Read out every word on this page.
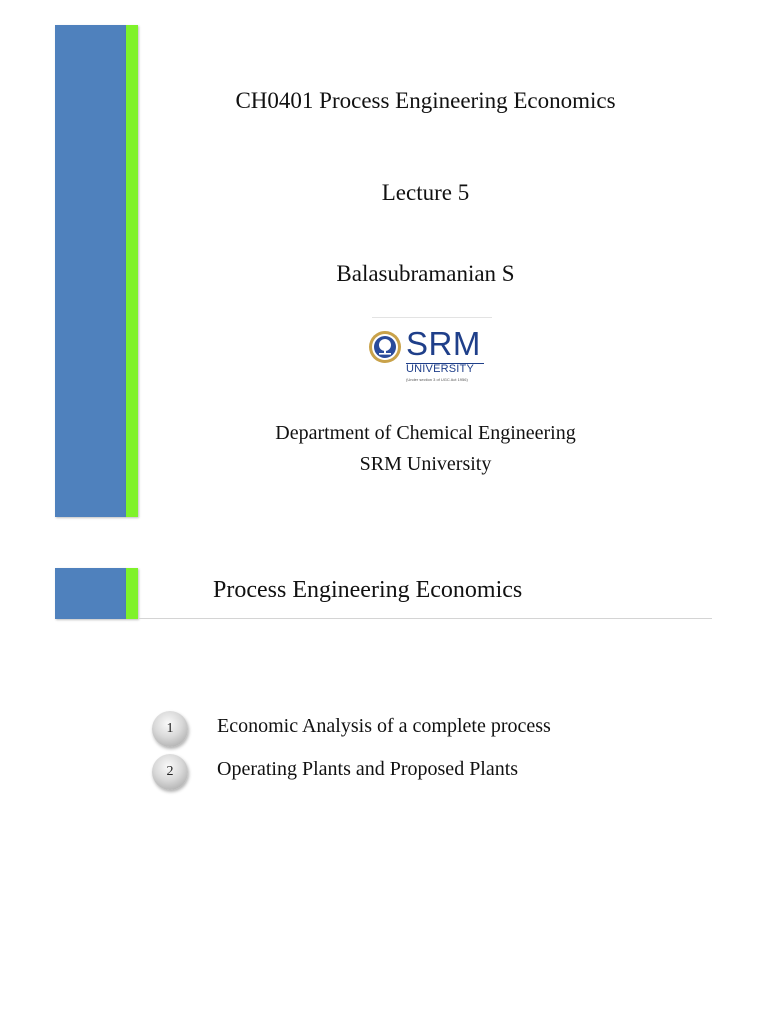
CH0401 Process Engineering Economics
Lecture 5
Balasubramanian S
SRM
UNIVERSITY
(Under section 3 of UGC Act 1956)
Department of Chemical Engineering
SRM University
Process Engineering Economics
1	Economic Analysis of a complete process
2	Operating Plants and Proposed Plants
